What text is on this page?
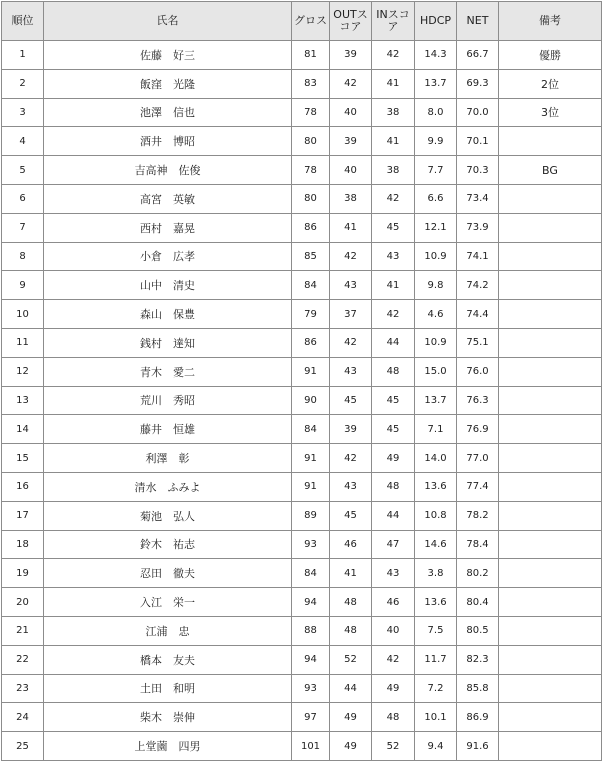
順位	氏名	グロス	OUTスコア	INスコア	HDCP	NET	備考
1	佐藤　好三	81	39	42	14.3	66.7	優勝
2	飯窪　光隆	83	42	41	13.7	69.3	2位
3	池澤　信也	78	40	38	8.0	70.0	3位
4	酒井　博昭	80	39	41	9.9	70.1	
5	吉高神　佐俊	78	40	38	7.7	70.3	BG
6	高宮　英敏	80	38	42	6.6	73.4	
7	西村　嘉晃	86	41	45	12.1	73.9	
8	小倉　広孝	85	42	43	10.9	74.1	
9	山中　清史	84	43	41	9.8	74.2	
10	森山　保豊	79	37	42	4.6	74.4	
11	銭村　達知	86	42	44	10.9	75.1	
12	青木　愛二	91	43	48	15.0	76.0	
13	荒川　秀昭	90	45	45	13.7	76.3	
14	藤井　恒雄	84	39	45	7.1	76.9	
15	利澤　彰	91	42	49	14.0	77.0	
16	清水　ふみよ	91	43	48	13.6	77.4	
17	菊池　弘人	89	45	44	10.8	78.2	
18	鈴木　祐志	93	46	47	14.6	78.4	
19	忍田　徹夫	84	41	43	3.8	80.2	
20	入江　栄一	94	48	46	13.6	80.4	
21	江浦　忠	88	48	40	7.5	80.5	
22	橋本　友夫	94	52	42	11.7	82.3	
23	土田　和明	93	44	49	7.2	85.8	
24	柴木　崇伸	97	49	48	10.1	86.9	
25	上堂薗　四男	101	49	52	9.4	91.6	
